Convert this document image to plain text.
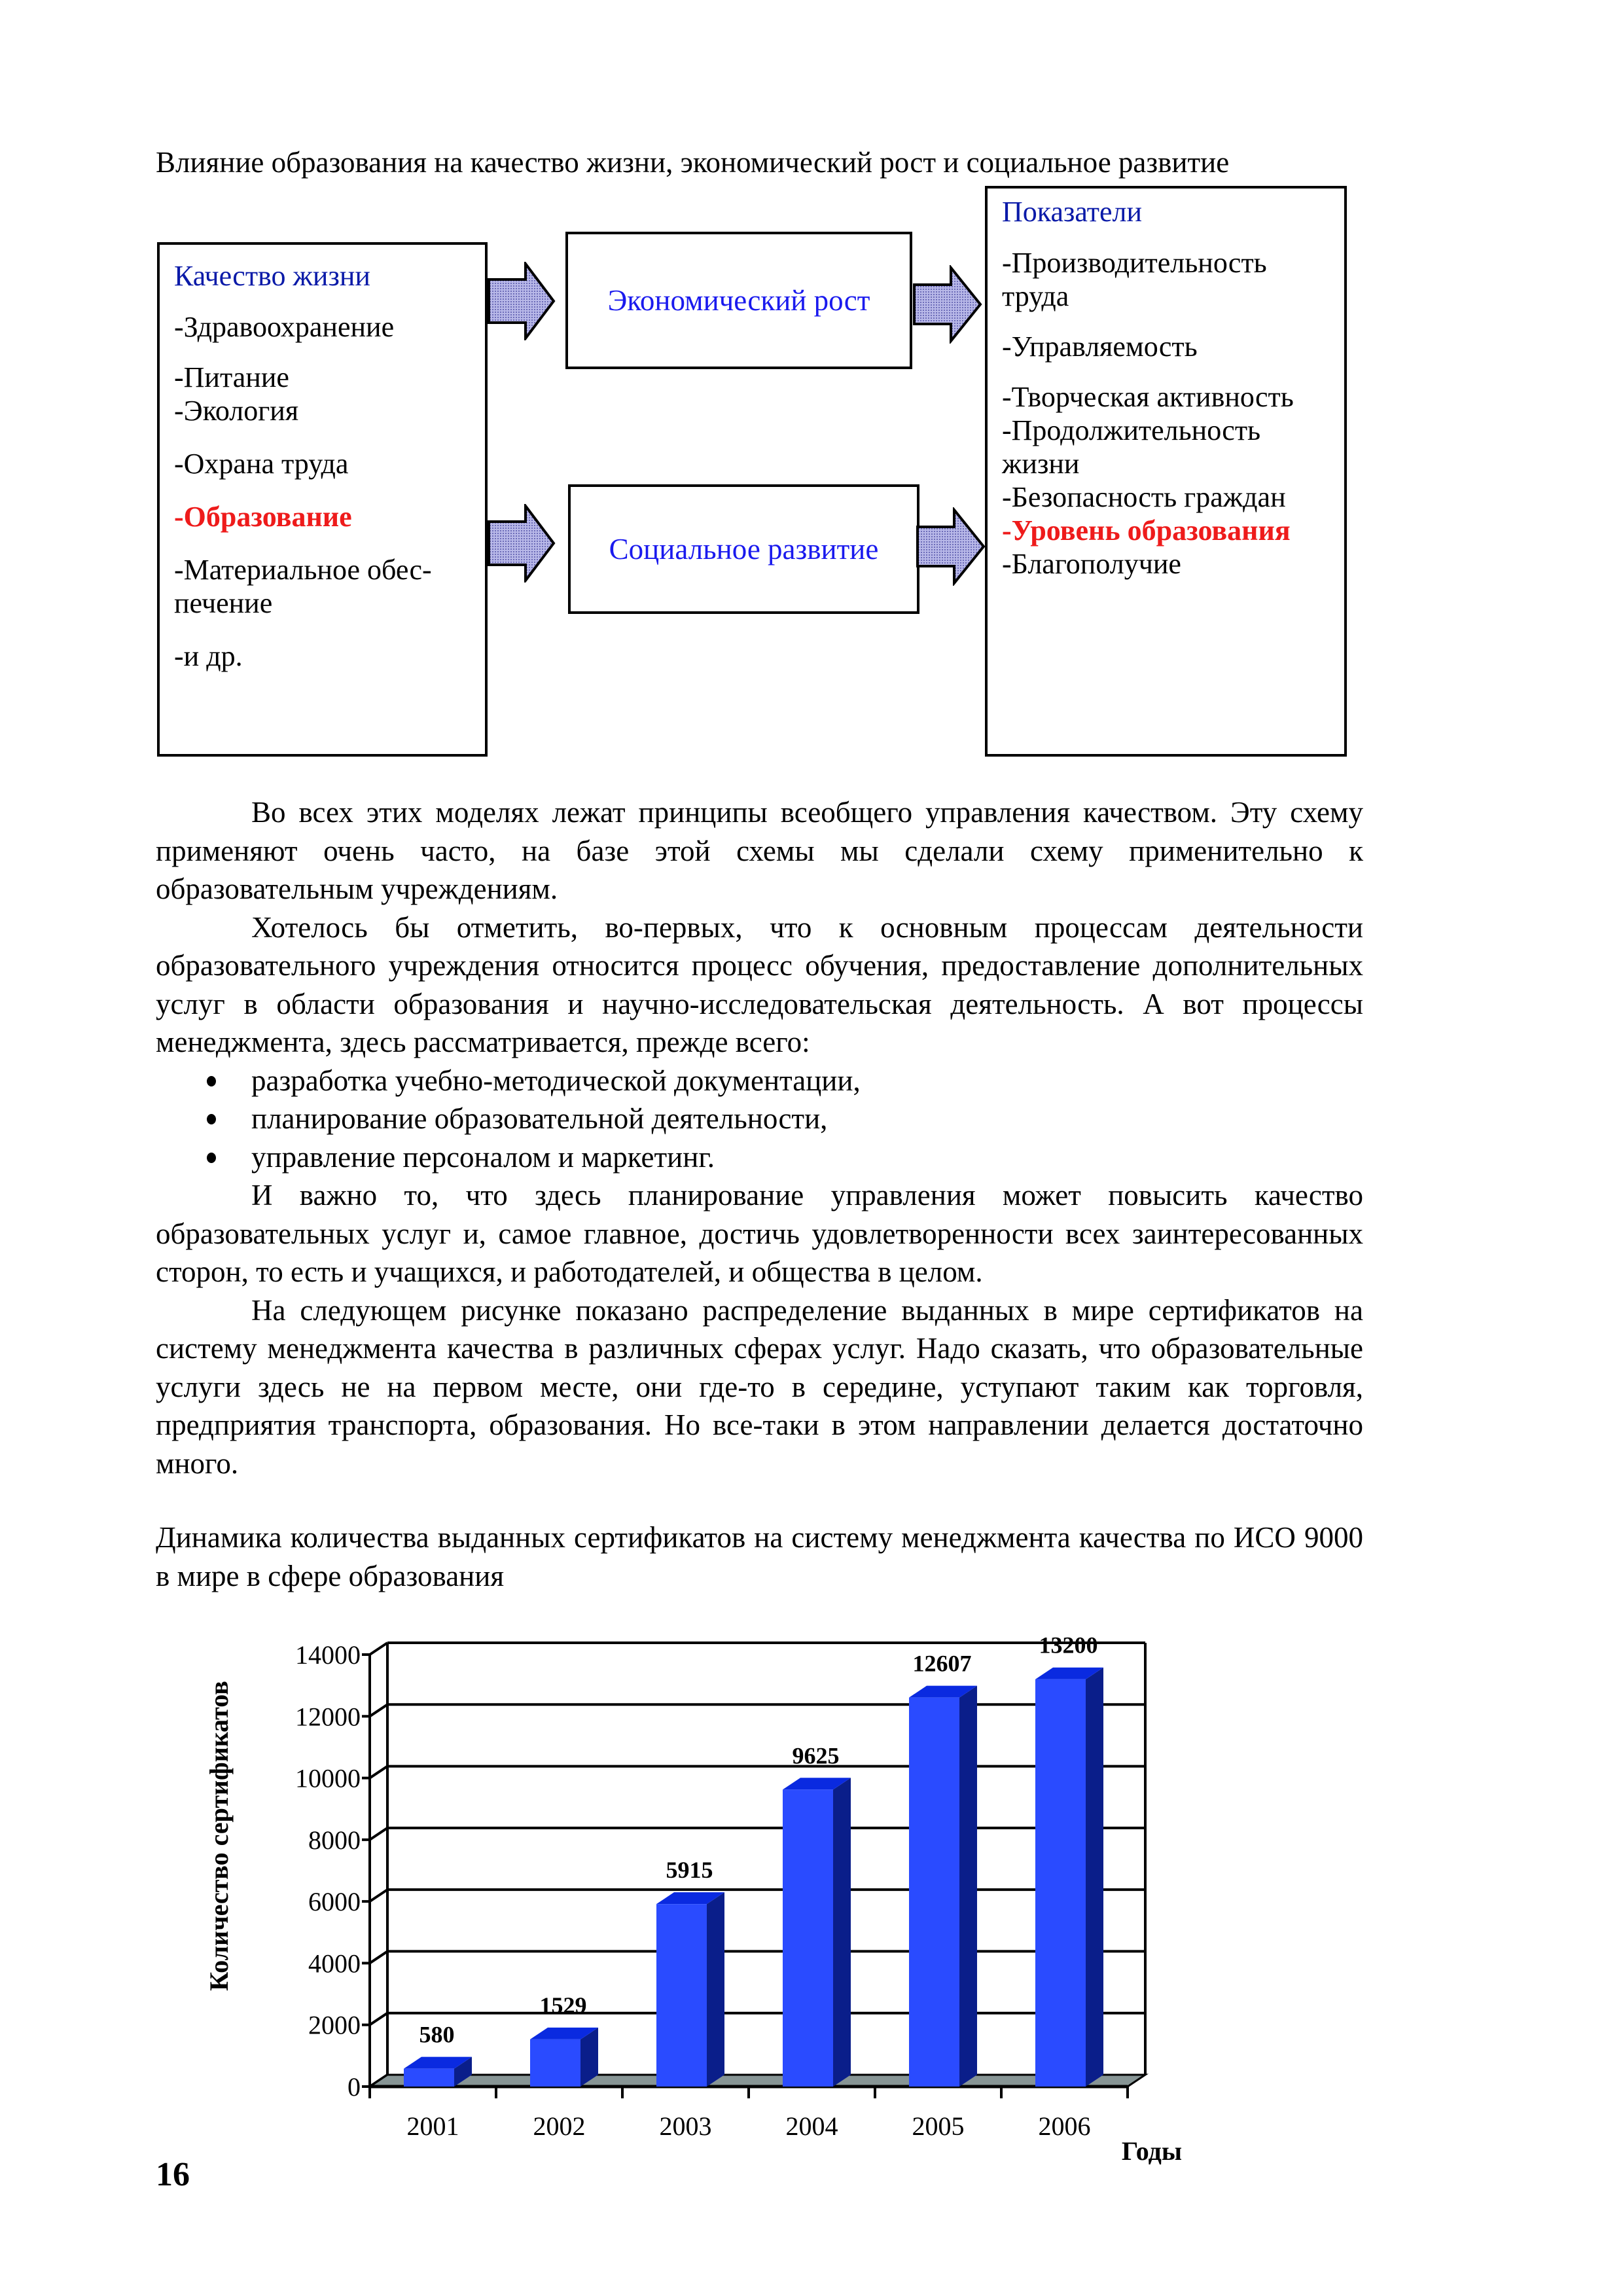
Влияние образования на качество жизни, экономический рост и социальное развитие
Качество жизни
-Здравоохранение
-Питание
-Экология
-Охрана труда
-Образование
-Материальное обес-
печение
-и др.
Экономический рост
Социальное развитие
Показатели
-Производительность
труда
-Управляемость
-Творческая активность
-Продолжительность
жизни
-Безопасность граждан
-Уровень образования
-Благополучие

Во всех этих моделях лежат принципы всеобщего управления качеством. Эту схему применяют очень часто, на базе этой схемы мы сделали схему применительно к образовательным учреждениям.

Хотелось бы отметить, во-первых, что к основным процессам деятельности образовательного учреждения относится процесс обучения, предоставление дополнительных услуг в области образования и научно-исследовательская деятельность. А вот процессы менеджмента, здесь рассматривается, прежде всего:

разработка учебно-методической документации,
планирование образовательной деятельности,
управление персоналом и маркетинг.

И важно то, что здесь планирование управления может повысить качество образовательных услуг и, самое главное, достичь удовлетворенности всех заинтересованных сторон, то есть и учащихся, и работодателей, и общества в целом.

На следующем рисунке показано распределение выданных в мире сертификатов на систему менеджмента качества в различных сферах услуг. Надо сказать, что образовательные услуги здесь не на первом месте, они где-то в середине, уступают таким как торговля, предприятия транспорта, образования. Но все-таки в этом направлении делается достаточно много.

Динамика количества выданных сертификатов на систему менеджмента качества по ИСО 9000 в мире в сфере образования
0
2000
4000
6000
8000
10000
12000
14000
580
2001
1529
2002
5915
2003
9625
2004
12607
2005
13200
2006
Количество сертификатов
Годы
16
